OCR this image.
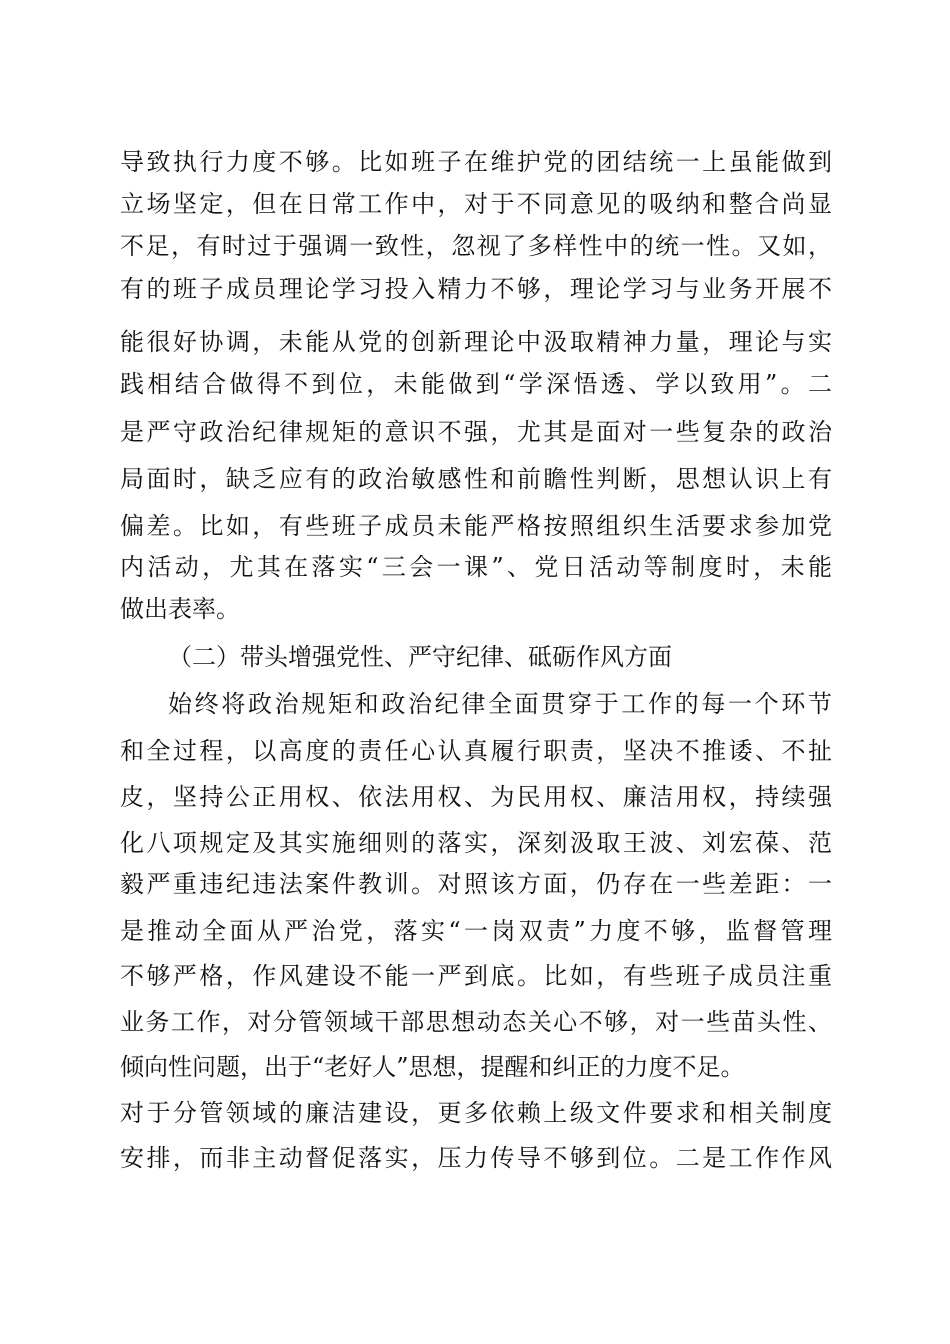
导致执行力度不够。比如班子在维护党的团结统一上虽能做到
立场坚定，但在日常工作中，对于不同意见的吸纳和整合尚显
不足，有时过于强调一致性，忽视了多样性中的统一性。又如，
有的班子成员理论学习投入精力不够，理论学习与业务开展不
能很好协调，未能从党的创新理论中汲取精神力量，理论与实
践相结合做得不到位，未能做到“学深悟透、学以致用”。二
是严守政治纪律规矩的意识不强，尤其是面对一些复杂的政治
局面时，缺乏应有的政治敏感性和前瞻性判断，思想认识上有
偏差。比如，有些班子成员未能严格按照组织生活要求参加党
内活动，尤其在落实“三会一课”、党日活动等制度时，未能
做出表率。
（二）带头增强党性、严守纪律、砥砺作风方面
始终将政治规矩和政治纪律全面贯穿于工作的每一个环节
和全过程，以高度的责任心认真履行职责，坚决不推诿、不扯
皮，坚持公正用权、依法用权、为民用权、廉洁用权，持续强
化八项规定及其实施细则的落实，深刻汲取王波、刘宏葆、范
毅严重违纪违法案件教训。对照该方面，仍存在一些差距：一
是推动全面从严治党，落实“一岗双责”力度不够，监督管理
不够严格，作风建设不能一严到底。比如，有些班子成员注重
业务工作，对分管领域干部思想动态关心不够，对一些苗头性、
倾向性问题，出于“老好人”思想，提醒和纠正的力度不足。
对于分管领域的廉洁建设，更多依赖上级文件要求和相关制度
安排，而非主动督促落实，压力传导不够到位。二是工作作风
